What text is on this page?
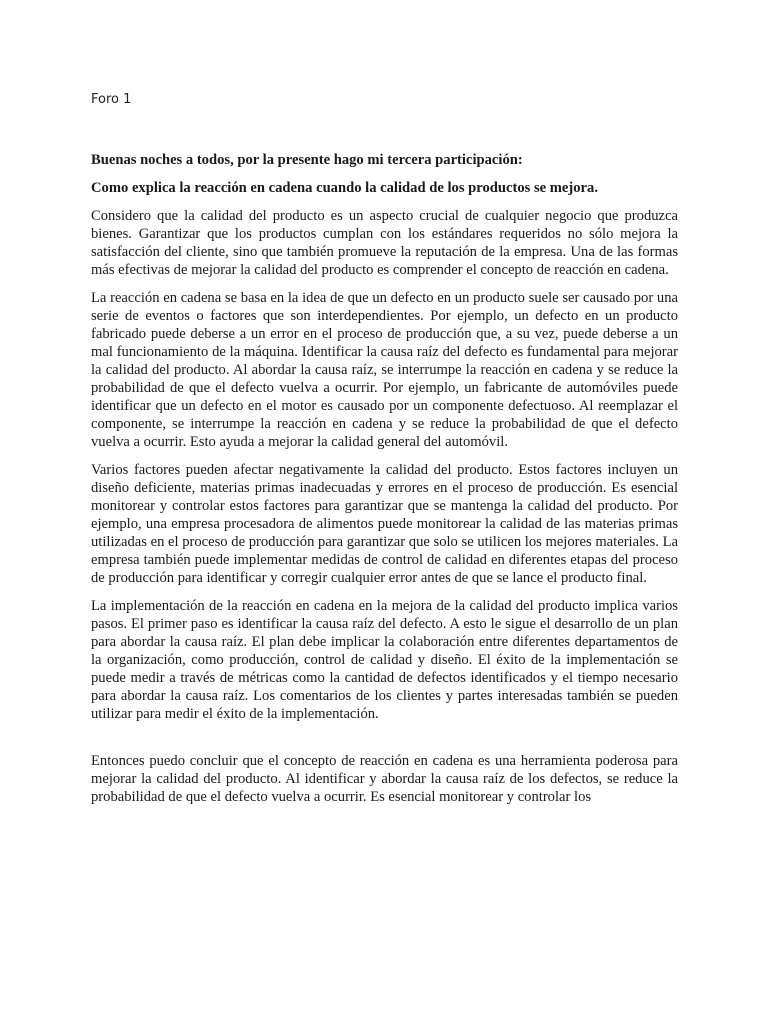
Foro 1

Buenas noches a todos, por la presente hago mi tercera participación:

Como explica la reacción en cadena cuando la calidad de los productos se mejora.

Considero que la calidad del producto es un aspecto crucial de cualquier negocio que produzca bienes. Garantizar que los productos cumplan con los estándares requeridos no sólo mejora la satisfacción del cliente, sino que también promueve la reputación de la empresa. Una de las formas más efectivas de mejorar la calidad del producto es comprender el concepto de reacción en cadena.

La reacción en cadena se basa en la idea de que un defecto en un producto suele ser causado por una serie de eventos o factores que son interdependientes. Por ejemplo, un defecto en un producto fabricado puede deberse a un error en el proceso de producción que, a su vez, puede deberse a un mal funcionamiento de la máquina. Identificar la causa raíz del defecto es fundamental para mejorar la calidad del producto. Al abordar la causa raíz, se interrumpe la reacción en cadena y se reduce la probabilidad de que el defecto vuelva a ocurrir. Por ejemplo, un fabricante de automóviles puede identificar que un defecto en el motor es causado por un componente defectuoso. Al reemplazar el componente, se interrumpe la reacción en cadena y se reduce la probabilidad de que el defecto vuelva a ocurrir. Esto ayuda a mejorar la calidad general del automóvil.

Varios factores pueden afectar negativamente la calidad del producto. Estos factores incluyen un diseño deficiente, materias primas inadecuadas y errores en el proceso de producción. Es esencial monitorear y controlar estos factores para garantizar que se mantenga la calidad del producto. Por ejemplo, una empresa procesadora de alimentos puede monitorear la calidad de las materias primas utilizadas en el proceso de producción para garantizar que solo se utilicen los mejores materiales. La empresa también puede implementar medidas de control de calidad en diferentes etapas del proceso de producción para identificar y corregir cualquier error antes de que se lance el producto final.

La implementación de la reacción en cadena en la mejora de la calidad del producto implica varios pasos. El primer paso es identificar la causa raíz del defecto. A esto le sigue el desarrollo de un plan para abordar la causa raíz. El plan debe implicar la colaboración entre diferentes departamentos de la organización, como producción, control de calidad y diseño. El éxito de la implementación se puede medir a través de métricas como la cantidad de defectos identificados y el tiempo necesario para abordar la causa raíz. Los comentarios de los clientes y partes interesadas también se pueden utilizar para medir el éxito de la implementación.

Entonces puedo concluir que el concepto de reacción en cadena es una herramienta poderosa para mejorar la calidad del producto. Al identificar y abordar la causa raíz de los defectos, se reduce la probabilidad de que el defecto vuelva a ocurrir. Es esencial monitorear y controlar los
